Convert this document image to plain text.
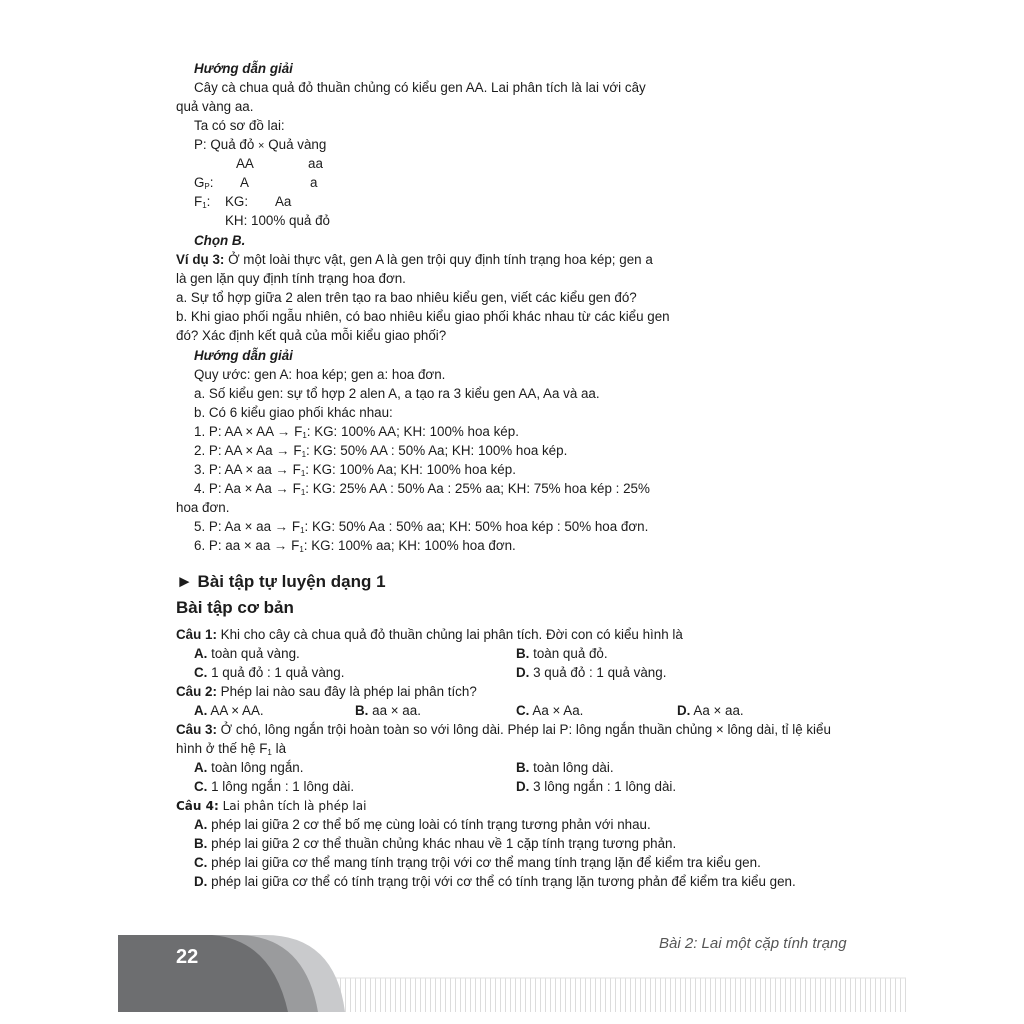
Hướng dẫn giải
Cây cà chua quả đỏ thuần chủng có kiểu gen AA. Lai phân tích là lai với cây
quả vàng aa.
Ta có sơ đồ lai:
P: Quả đỏ × Quả vàng
AA	aa
$G_P$: A	a
$F_1$: KG: Aa
KH: 100% quả đỏ
Chọn B.
Ví dụ 3: Ở một loài thực vật, gen A là gen trội quy định tính trạng hoa kép; gen a
là gen lặn quy định tính trạng hoa đơn.
a. Sự tổ hợp giữa 2 alen trên tạo ra bao nhiêu kiểu gen, viết các kiểu gen đó?
b. Khi giao phối ngẫu nhiên, có bao nhiêu kiểu giao phối khác nhau từ các kiểu gen
đó? Xác định kết quả của mỗi kiểu giao phối?
Hướng dẫn giải
Quy ước: gen A: hoa kép; gen a: hoa đơn.
a. Số kiểu gen: sự tổ hợp 2 alen A, a tạo ra 3 kiểu gen AA, Aa và aa.
b. Có 6 kiểu giao phối khác nhau:
1. P: AA × AA → $F_1$: KG: 100% AA; KH: 100% hoa kép.
2. P: AA × $Aa \to F_1$: KG: 50% AA : 50% Aa; KH: 100% hoa kép.
3. P: AA × aa → $F_1$: KG: 100% Aa; KH: 100% hoa kép.
4. P: $Aa \times Aa \to F_1$: KG: 25% AA : 50% Aa : 25% aa; KH: 75% hoa kép : 25%
hoa đơn.
5. P: Aa × aa → $F_1$: KG: 50% Aa : 50% aa; KH: 50% hoa kép : 50% hoa đơn.
6. P: aa × aa → $F_1$: KG: 100% aa; KH: 100% hoa đơn.
► Bài tập tự luyện dạng 1
Bài tập cơ bản
Câu 1: Khi cho cây cà chua quả đỏ thuần chủng lai phân tích. Đời con có kiểu hình là
A. toàn quả vàng.	B. toàn quả đỏ.
C. 1 quả đỏ : 1 quả vàng.	D. 3 quả đỏ : 1 quả vàng.
Câu 2: Phép lai nào sau đây là phép lai phân tích?
A. AA × AA.	B. aa × aa.	C. Aa × Aa.	D. Aa × aa.
Câu 3: Ở chó, lông ngắn trội hoàn toàn so với lông dài. Phép lai P: lông ngắn thuần chủng × lông dài, tỉ lệ kiểu
hình ở thế hệ $F_1$ là
A. toàn lông ngắn.	B. toàn lông dài.
C. 1 lông ngắn : 1 lông dài.	D. 3 lông ngắn : 1 lông dài.
Câu 4: Lai phân tích là phép lai
A. phép lai giữa 2 cơ thể bố mẹ cùng loài có tính trạng tương phản với nhau.
B. phép lai giữa 2 cơ thể thuần chủng khác nhau về 1 cặp tính trạng tương phản.
C. phép lai giữa cơ thể mang tính trạng trội với cơ thể mang tính trạng lặn để kiểm tra kiểu gen.
D. phép lai giữa cơ thể có tính trạng trội với cơ thể có tính trạng lặn tương phản để kiểm tra kiểu gen.
22
Bài 2: Lai một cặp tính trạng
